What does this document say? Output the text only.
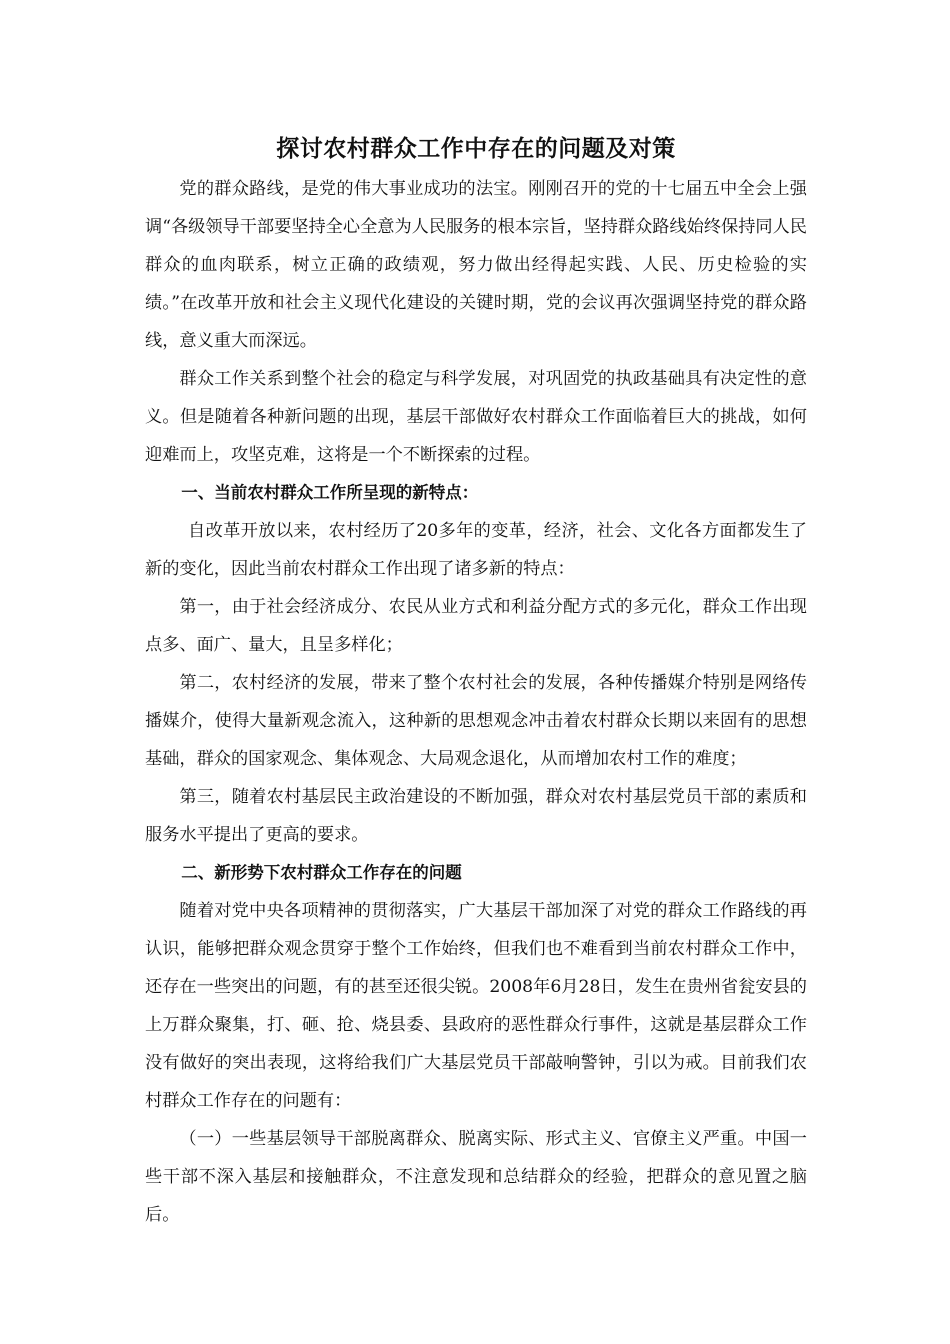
探讨农村群众工作中存在的问题及对策

党的群众路线，是党的伟大事业成功的法宝。刚刚召开的党的十七届五中全会上强调“各级领导干部要坚持全心全意为人民服务的根本宗旨，坚持群众路线始终保持同人民群众的血肉联系，树立正确的政绩观，努力做出经得起实践、人民、历史检验的实绩。”在改革开放和社会主义现代化建设的关键时期，党的会议再次强调坚持党的群众路线，意义重大而深远。

群众工作关系到整个社会的稳定与科学发展，对巩固党的执政基础具有决定性的意义。但是随着各种新问题的出现，基层干部做好农村群众工作面临着巨大的挑战，如何迎难而上，攻坚克难，这将是一个不断探索的过程。

一、当前农村群众工作所呈现的新特点：

自改革开放以来，农村经历了20多年的变革，经济，社会、文化各方面都发生了新的变化，因此当前农村群众工作出现了诸多新的特点：

第一，由于社会经济成分、农民从业方式和利益分配方式的多元化，群众工作出现点多、面广、量大，且呈多样化；

第二，农村经济的发展，带来了整个农村社会的发展，各种传播媒介特别是网络传播媒介，使得大量新观念流入，这种新的思想观念冲击着农村群众长期以来固有的思想基础，群众的国家观念、集体观念、大局观念退化，从而增加农村工作的难度；

第三，随着农村基层民主政治建设的不断加强，群众对农村基层党员干部的素质和服务水平提出了更高的要求。

二、新形势下农村群众工作存在的问题

随着对党中央各项精神的贯彻落实，广大基层干部加深了对党的群众工作路线的再认识，能够把群众观念贯穿于整个工作始终，但我们也不难看到当前农村群众工作中，还存在一些突出的问题，有的甚至还很尖锐。2008年6月28日，发生在贵州省瓮安县的上万群众聚集，打、砸、抢、烧县委、县政府的恶性群众行事件，这就是基层群众工作没有做好的突出表现，这将给我们广大基层党员干部敲响警钟，引以为戒。目前我们农村群众工作存在的问题有：

（一）一些基层领导干部脱离群众、脱离实际、形式主义、官僚主义严重。中国一些干部不深入基层和接触群众，不注意发现和总结群众的经验，把群众的意见置之脑后。
